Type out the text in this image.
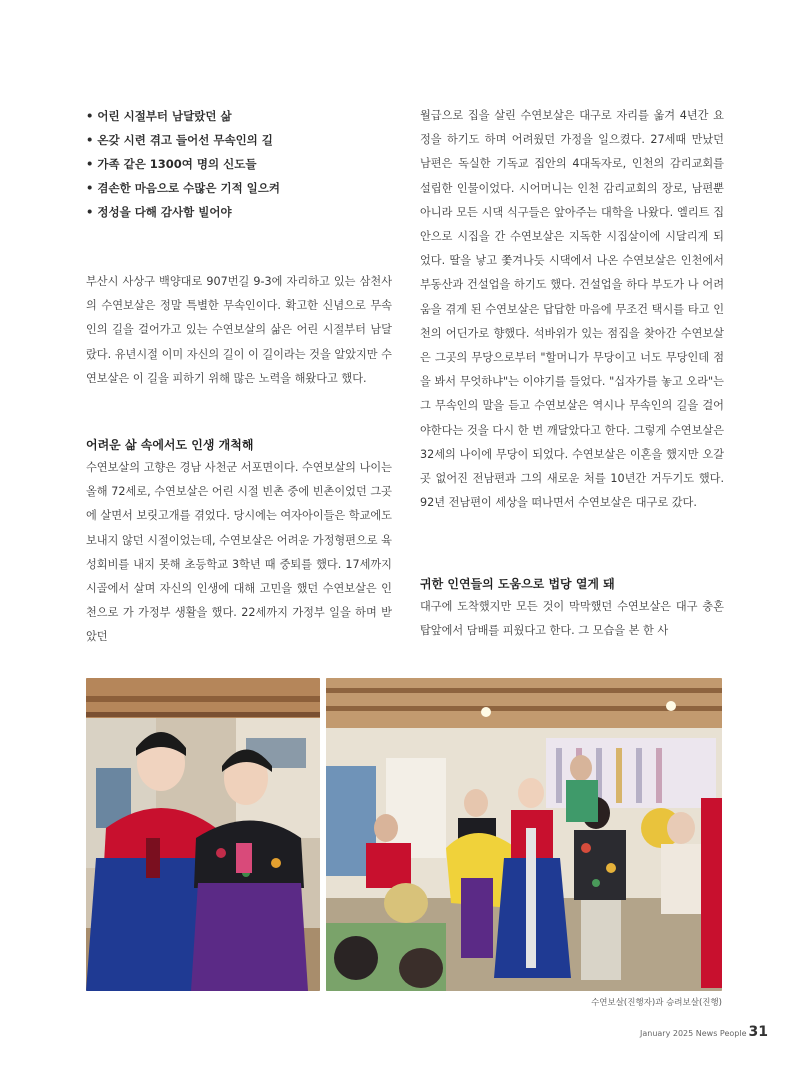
• 어린 시절부터 남달랐던 삶
• 온갖 시련 겪고 들어선 무속인의 길
• 가족 같은 1300여 명의 신도들
• 겸손한 마음으로 수많은 기적 일으켜
• 정성을 다해 감사함 빌어야

부산시 사상구 백양대로 907번길 9-3에 자리하고 있는 삼천사의 수연보살은 정말 특별한 무속인이다. 확고한 신념으로 무속인의 길을 걸어가고 있는 수연보살의 삶은 어린 시절부터 남달랐다. 유년시절 이미 자신의 길이 이 길이라는 것을 알았지만 수연보살은 이 길을 피하기 위해 많은 노력을 해왔다고 했다.

어려운 삶 속에서도 인생 개척해

수연보살의 고향은 경남 사천군 서포면이다. 수연보살의 나이는 올해 72세로, 수연보살은 어린 시절 빈촌 중에 빈촌이었던 그곳에 살면서 보릿고개를 겪었다. 당시에는 여자아이들은 학교에도 보내지 않던 시절이었는데, 수연보살은 어려운 가정형편으로 육성회비를 내지 못해 초등학교 3학년 때 중퇴를 했다. 17세까지 시골에서 살며 자신의 인생에 대해 고민을 했던 수연보살은 인천으로 가 가정부 생활을 했다. 22세까지 가정부 일을 하며 받았던

월급으로 집을 살린 수연보살은 대구로 자리를 옮겨 4년간 요정을 하기도 하며 어려웠던 가정을 일으켰다. 27세때 만났던 남편은 독실한 기독교 집안의 4대독자로, 인천의 감리교회를 설립한 인물이었다. 시어머니는 인천 감리교회의 장로, 남편뿐 아니라 모든 시댁 식구들은 앞아주는 대학을 나왔다. 엘리트 집안으로 시집을 간 수연보살은 지독한 시집살이에 시달리게 되었다. 딸을 낳고 쫓겨나듯 시댁에서 나온 수연보살은 인천에서 부동산과 건설업을 하기도 했다. 건설업을 하다 부도가 나 어려움을 겪게 된 수연보살은 답답한 마음에 무조건 택시를 타고 인천의 어딘가로 향했다. 석바위가 있는 점집을 찾아간 수연보살은 그곳의 무당으로부터 "할머니가 무당이고 너도 무당인데 점을 봐서 무엇하냐"는 이야기를 들었다. "십자가를 놓고 오라"는 그 무속인의 말을 듣고 수연보살은 역시나 무속인의 길을 걸어야한다는 것을 다시 한 번 깨달았다고 한다. 그렇게 수연보살은 32세의 나이에 무당이 되었다. 수연보살은 이혼을 했지만 오갈 곳 없어진 전남편과 그의 새로운 처를 10년간 거두기도 했다. 92년 전남편이 세상을 떠나면서 수연보살은 대구로 갔다.

귀한 인연들의 도움으로 법당 열게 돼

대구에 도착했지만 모든 것이 막막했던 수연보살은 대구 충혼탑앞에서 담배를 피웠다고 한다. 그 모습을 본 한 사

수연보살(진행자)과 승려보살(진행)
January 2025 News People 31
